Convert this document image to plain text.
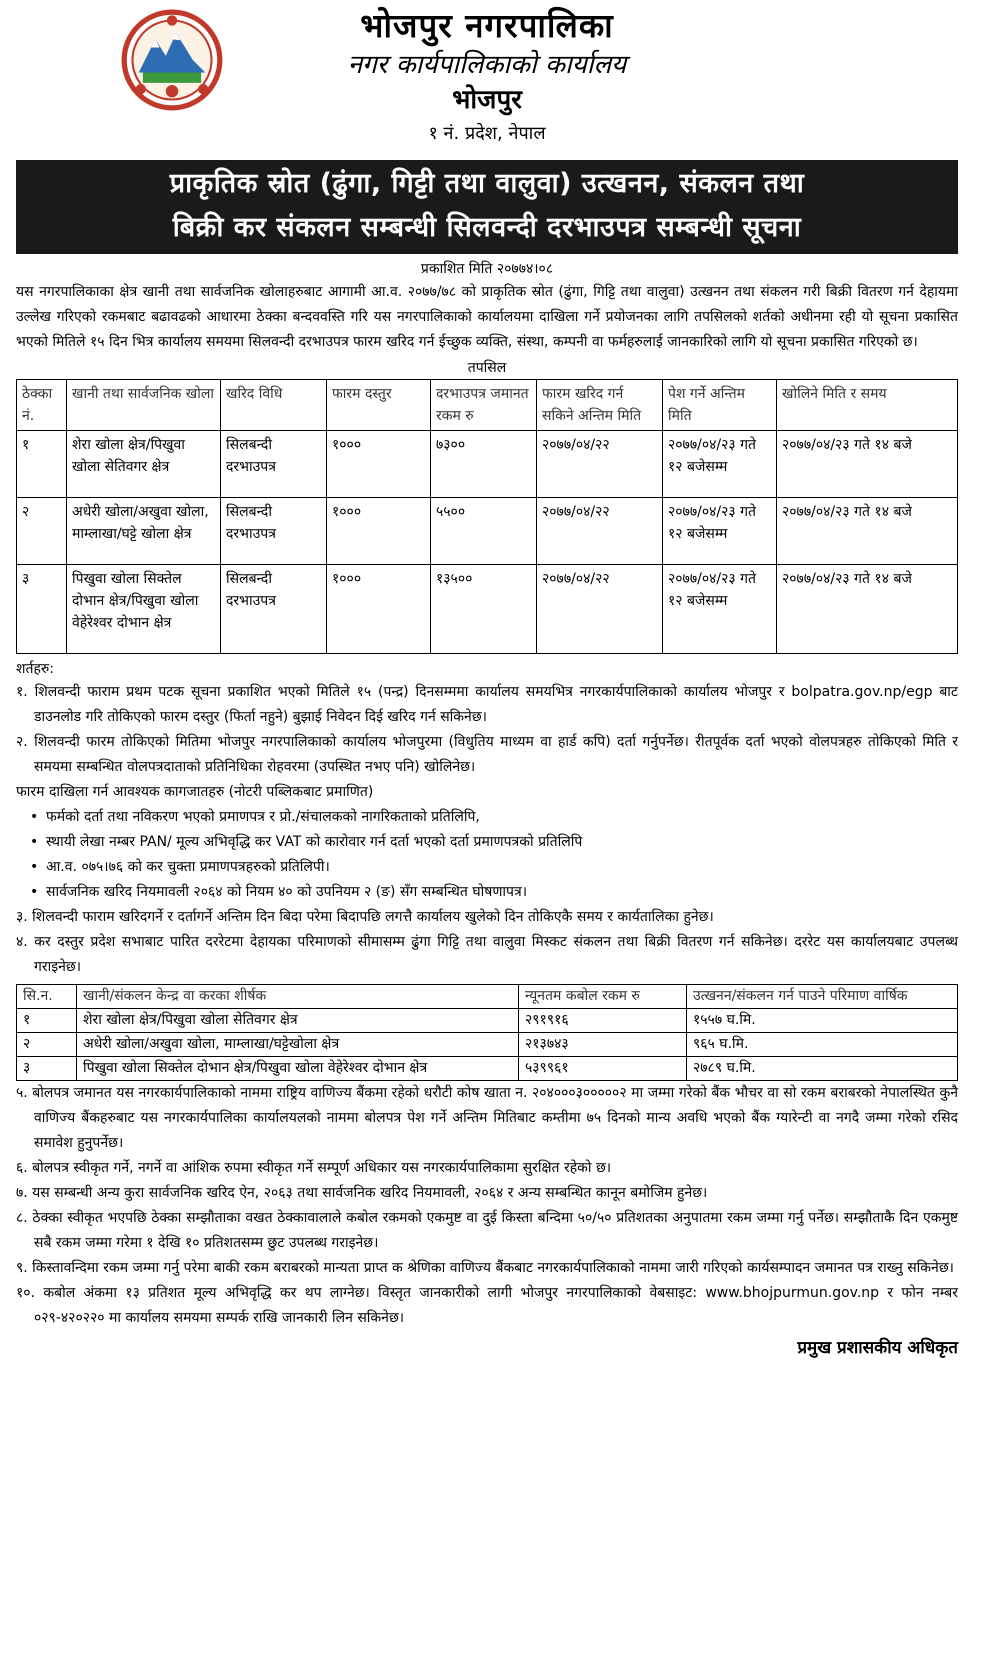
भोजपुर नगरपालिका
नगर कार्यपालिकाको कार्यालय
भोजपुर
१ नं. प्रदेश, नेपाल
प्राकृतिक स्रोत (ढुंगा, गिट्टी तथा वालुवा) उत्खनन, संकलन तथा
बिक्री कर संकलन सम्बन्धी सिलवन्दी दरभाउपत्र सम्बन्धी सूचना
प्रकाशित मिति २०७७४।०८

यस नगरपालिकाका क्षेत्र खानी तथा सार्वजनिक खोलाहरुबाट आगामी आ.व. २०७७/७८ को प्राकृतिक स्रोत (ढुंगा, गिट्टि तथा वालुवा) उत्खनन तथा संकलन गरी बिक्री वितरण गर्न देहायमा उल्लेख गरिएको रकमबाट बढावढको आधारमा ठेक्का बन्दववस्ति गरि यस नगरपालिकाको कार्यालयमा दाखिला गर्ने प्रयोजनका लागि तपसिलको शर्तको अधीनमा रही यो सूचना प्रकासित भएको मितिले १५ दिन भित्र कार्यालय समयमा सिलवन्दी दरभाउपत्र फारम खरिद गर्न ईच्छुक व्यक्ति, संस्था, कम्पनी वा फर्महरुलाई जानकारिको लागि यो सूचना प्रकासित गरिएको छ।

तपसिल
ठेक्का नं.	खानी तथा सार्वजनिक खोला	खरिद विधि	फारम दस्तुर	दरभाउपत्र जमानत रकम रु	फारम खरिद गर्न सकिने अन्तिम मिति	पेश गर्ने अन्तिम मिति	खोलिने मिति र समय
१	शेरा खोला क्षेत्र/पिखुवा खोला सेतिवगर क्षेत्र	सिलबन्दी दरभाउपत्र	१०००	७३००	२०७७/०४/२२	२०७७/०४/२३ गते १२ बजेसम्म	२०७७/०४/२३ गते १४ बजे
२	अधेरी खोला/अखुवा खोला, माम्लाखा/घट्टे खोला क्षेत्र	सिलबन्दी दरभाउपत्र	१०००	५५००	२०७७/०४/२२	२०७७/०४/२३ गते १२ बजेसम्म	२०७७/०४/२३ गते १४ बजे
३	पिखुवा खोला सिक्तेल दोभान क्षेत्र/पिखुवा खोला वेहेरेश्वर दोभान क्षेत्र	सिलबन्दी दरभाउपत्र	१०००	१३५००	२०७७/०४/२२	२०७७/०४/२३ गते १२ बजेसम्म	२०७७/०४/२३ गते १४ बजे
शर्तहरु:

१. शिलवन्दी फाराम प्रथम पटक सूचना प्रकाशित भएको मितिले १५ (पन्द्र) दिनसम्ममा कार्यालय समयभित्र नगरकार्यपालिकाको कार्यालय भोजपुर र bolpatra.gov.np/egp बाट डाउनलोड गरि तोकिएको फारम दस्तुर (फिर्ता नहुने) बुझाई निवेदन दिई खरिद गर्न सकिनेछ।

२. शिलवन्दी फारम तोकिएको मितिमा भोजपुर नगरपालिकाको कार्यालय भोजपुरमा (विधुतिय माध्यम वा हार्ड कपि) दर्ता गर्नुपर्नेछ। रीतपूर्वक दर्ता भएको वोलपत्रहरु तोकिएको मिति र समयमा सम्बन्धित वोलपत्रदाताको प्रतिनिधिका रोहवरमा (उपस्थित नभए पनि) खोलिनेछ।

फारम दाखिला गर्न आवश्यक कागजातहरु (नोटरी पब्लिकबाट प्रमाणित)

• फर्मको दर्ता तथा नविकरण भएको प्रमाणपत्र र प्रो./संचालकको नागरिकताको प्रतिलिपि,

• स्थायी लेखा नम्बर PAN/ मूल्य अभिवृद्धि कर VAT को कारोवार गर्न दर्ता भएको दर्ता प्रमाणपत्रको प्रतिलिपि

• आ.व. ०७५।७६ को कर चुक्ता प्रमाणपत्रहरुको प्रतिलिपी।

• सार्वजनिक खरिद नियमावली २०६४ को नियम ४० को उपनियम २ (ङ) सँग सम्बन्धित घोषणापत्र।

३. शिलवन्दी फाराम खरिदगर्ने र दर्तागर्ने अन्तिम दिन बिदा परेमा बिदापछि लगत्तै कार्यालय खुलेको दिन तोकिएकै समय र कार्यतालिका हुनेछ।

४. कर दस्तुर प्रदेश सभाबाट पारित दररेटमा देहायका परिमाणको सीमासम्म ढुंगा गिट्टि तथा वालुवा मिस्कट संकलन तथा बिक्री वितरण गर्न सकिनेछ। दररेट यस कार्यालयबाट उपलब्ध गराइनेछ।

सि.न.	खानी/संकलन केन्द्र वा करका शीर्षक	न्यूनतम कबोल रकम रु	उत्खनन/संकलन गर्न पाउने परिमाण वार्षिक
१	शेरा खोला क्षेत्र/पिखुवा खोला सेतिवगर क्षेत्र	२९१९१६	१५५७ घ.मि.
२	अधेरी खोला/अखुवा खोला, माम्लाखा/घट्टेखोला क्षेत्र	२१३७४३	९६५ घ.मि.
३	पिखुवा खोला सिक्तेल दोभान क्षेत्र/पिखुवा खोला वेहेरेश्वर दोभान क्षेत्र	५३९९६१	२७८९ घ.मि.

५. बोलपत्र जमानत यस नगरकार्यपालिकाको नाममा राष्ट्रिय वाणिज्य बैंकमा रहेको धरौटी कोष खाता न. २०४०००३०००००२ मा जम्मा गरेको बैंक भौचर वा सो रकम बराबरको नेपालस्थित कुनै वाणिज्य बैंकहरुबाट यस नगरकार्यपालिका कार्यालयलको नाममा बोलपत्र पेश गर्ने अन्तिम मितिबाट कम्तीमा ७५ दिनको मान्य अवधि भएको बैंक ग्यारेन्टी वा नगदै जम्मा गरेको रसिद समावेश हुनुपर्नेछ।

६. बोलपत्र स्वीकृत गर्ने, नगर्ने वा आंशिक रुपमा स्वीकृत गर्ने सम्पूर्ण अधिकार यस नगरकार्यपालिकामा सुरक्षित रहेको छ।

७. यस सम्बन्धी अन्य कुरा सार्वजनिक खरिद ऐन, २०६३ तथा सार्वजनिक खरिद नियमावली, २०६४ र अन्य सम्बन्धित कानून बमोजिम हुनेछ।

८. ठेक्का स्वीकृत भएपछि ठेक्का सम्झौताका वखत ठेक्कावालाले कबोल रकमको एकमुष्ट वा दुई किस्ता बन्दिमा ५०/५० प्रतिशतका अनुपातमा रकम जम्मा गर्नु पर्नेछ। सम्झौताकै दिन एकमुष्ट सबै रकम जम्मा गरेमा १ देखि १० प्रतिशतसम्म छुट उपलब्ध गराइनेछ।

९. किस्तावन्दिमा रकम जम्मा गर्नु परेमा बाकी रकम बराबरको मान्यता प्राप्त क श्रेणिका वाणिज्य बैंकबाट नगरकार्यपालिकाको नाममा जारी गरिएको कार्यसम्पादन जमानत पत्र राख्नु सकिनेछ।

१०. कबोल अंकमा १३ प्रतिशत मूल्य अभिवृद्धि कर थप लाग्नेछ। विस्तृत जानकारीको लागी भोजपुर नगरपालिकाको वेबसाइट: www.bhojpurmun.gov.np र फोन नम्बर ०२९-४२०२२० मा कार्यालय समयमा सम्पर्क राखि जानकारी लिन सकिनेछ।

प्रमुख प्रशासकीय अधिकृत
